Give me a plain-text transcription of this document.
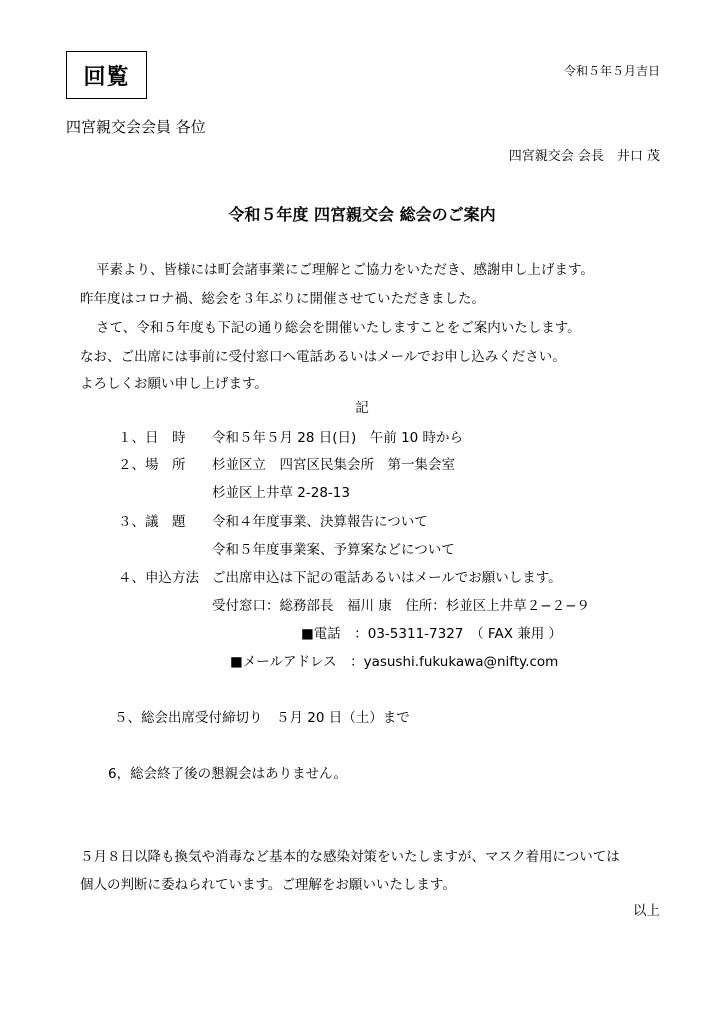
回覧	令和５年５月吉日
四宮親交会会員 各位
四宮親交会 会長　井口 茂
令和５年度 四宮親交会 総会のご案内
平素より、皆様には町会諸事業にご理解とご協力をいただき、感謝申し上げます。
昨年度はコロナ禍、総会を３年ぶりに開催させていただきました。
さて、令和５年度も下記の通り総会を開催いたしますことをご案内いたします。
なお、ご出席には事前に受付窓口へ電話あるいはメールでお申し込みください。
よろしくお願い申し上げます。
記
１、日　時 令和５年５月 28 日(日)　午前 10 時から
２、場　所 杉並区立　四宮区民集会所　第一集会室
杉並区上井草 2-28-13
３、議　題 令和４年度事業、決算報告について
令和５年度事業案、予算案などについて
４、申込方法 ご出席申込は下記の電話あるいはメールでお願いします。
受付窓口：総務部長　福川 康　住所：杉並区上井草２−２−９
■電話　：03-5311-7327　（ FAX 兼用 ）
■メールアドレス　：yasushi.fukukawa@nifty.com
５、総会出席受付締切り　５月 20 日（土）まで
6，総会終了後の懇親会はありません。
５月８日以降も換気や消毒など基本的な感染対策をいたしますが、マスク着用については
個人の判断に委ねられています。ご理解をお願いいたします。
以上
